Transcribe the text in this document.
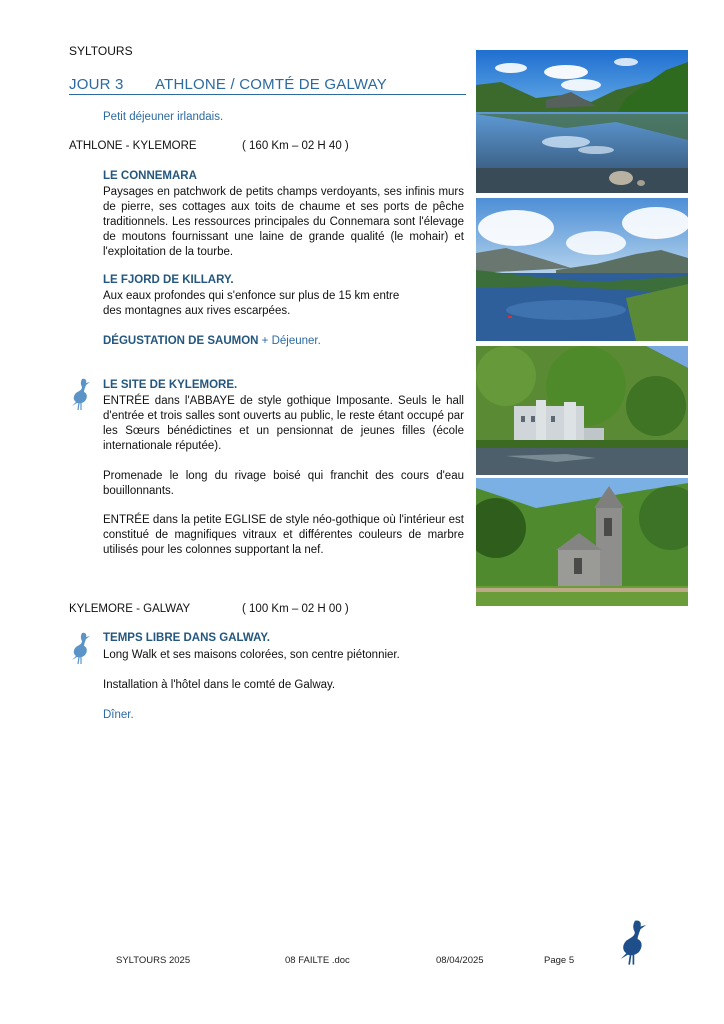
SYLTOURS
JOUR 3 ATHLONE / COMTÉ DE GALWAY
Petit déjeuner irlandais.
ATHLONE - KYLEMORE	( 160 Km – 02 H 40 )
LE CONNEMARA
Paysages en patchwork de petits champs verdoyants, ses infinis murs de pierre, ses cottages aux toits de chaume et ses ports de pêche traditionnels. Les ressources principales du Connemara sont l'élevage de moutons fournissant une laine de grande qualité (le mohair) et l'exploitation de la tourbe.
LE FJORD DE KILLARY.
Aux eaux profondes qui s'enfonce sur plus de 15 km entre
des montagnes aux rives escarpées.
DÉGUSTATION DE SAUMON + Déjeuner.
LE SITE DE KYLEMORE.
ENTRÉE dans l'ABBAYE de style gothique Imposante. Seuls le hall d'entrée et trois salles sont ouverts au public, le reste étant occupé par les Sœurs bénédictines et un pensionnat de jeunes filles (école internationale réputée).
Promenade le long du rivage boisé qui franchit des cours d'eau bouillonnants.
ENTRÉE dans la petite EGLISE de style néo-gothique où l'intérieur est constitué de magnifiques vitraux et différentes couleurs de marbre utilisés pour les colonnes supportant la nef.
KYLEMORE - GALWAY	( 100 Km – 02 H 00 )
TEMPS LIBRE DANS GALWAY.
Long Walk et ses maisons colorées, son centre piétonnier.
Installation à l'hôtel dans le comté de Galway.
Dîner.
SYLTOURS 2025	08 FAILTE .doc	08/04/2025	Page 5
